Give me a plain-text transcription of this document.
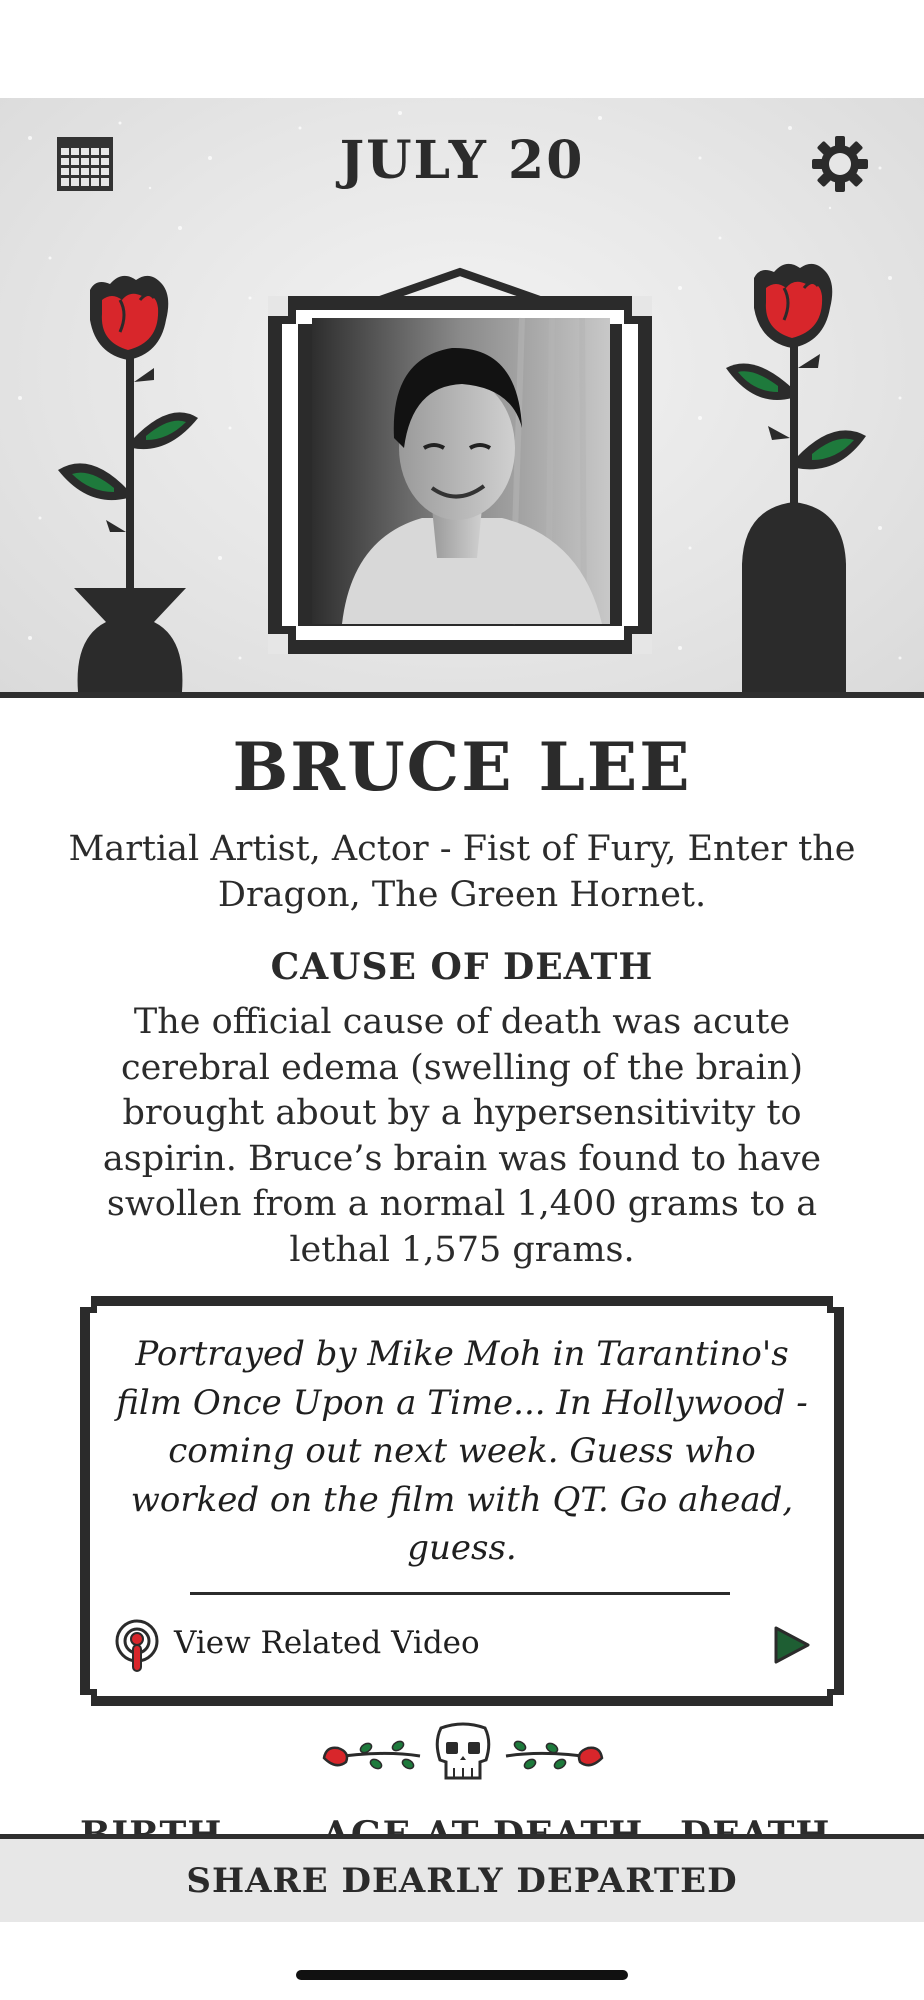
JULY 20
BRUCE LEE
Martial Artist, Actor - Fist of Fury, Enter the Dragon, The Green Hornet.
CAUSE OF DEATH
The official cause of death was acute cerebral edema (swelling of the brain) brought about by a hypersensitivity to aspirin. Bruce’s brain was found to have swollen from a normal 1,400 grams to a lethal 1,575 grams.
Portrayed by Mike Moh in Tarantino's film Once Upon a Time... In Hollywood - coming out next week. Guess who worked on the film with QT. Go ahead, guess.
View Related Video
SHARE DEARLY DEPARTED
